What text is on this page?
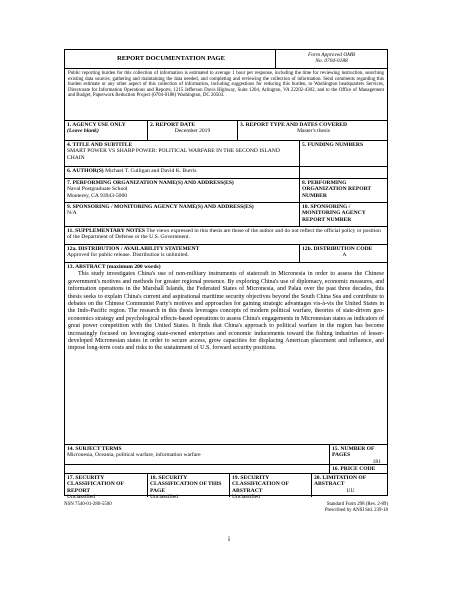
REPORT DOCUMENTATION PAGE	Form Approved OMB
No. 0704-0188
Public reporting burden for this collection of information is estimated to average 1 hour per response, including the time for reviewing instruction, searching existing data sources, gathering and maintaining the data needed, and completing and reviewing the collection of information. Send comments regarding this burden estimate or any other aspect of this collection of information, including suggestions for reducing this burden, to Washington headquarters Services, Directorate for Information Operations and Reports, 1215 Jefferson Davis Highway, Suite 1204, Arlington, VA 22202-4302, and to the Office of Management and Budget, Paperwork Reduction Project (0704-0188) Washington, DC 20503.
1. AGENCY USE ONLY
(Leave blank)
2. REPORT DATE
December 2019
3. REPORT TYPE AND DATES COVERED
Master's thesis
4. TITLE AND SUBTITLE
SMART POWER VS SHARP POWER: POLITICAL WARFARE IN THE SECOND ISLAND CHAIN
5. FUNDING NUMBERS
6. AUTHOR(S) Michael T. Culligan and David K. Burris
7. PERFORMING ORGANIZATION NAME(S) AND ADDRESS(ES)
Naval Postgraduate School
Monterey, CA 93943-5000
8. PERFORMING ORGANIZATION REPORT NUMBER
9. SPONSORING / MONITORING AGENCY NAME(S) AND ADDRESS(ES)
N/A
10. SPONSORING / MONITORING AGENCY REPORT NUMBER
11. SUPPLEMENTARY NOTES The views expressed in this thesis are those of the author and do not reflect the official policy or position of the Department of Defense or the U.S. Government.
12a. DISTRIBUTION / AVAILABILITY STATEMENT
Approved for public release. Distribution is unlimited.
12b. DISTRIBUTION CODE
A
13. ABSTRACT (maximum 200 words)
This study investigates China's use of non-military instruments of statecraft in Micronesia in order to assess the Chinese government's motives and methods for greater regional presence. By exploring China's use of diplomacy, economic measures, and information operations in the Marshall Islands, the Federated States of Micronesia, and Palau over the past three decades, this thesis seeks to explain China's current and aspirational maritime security objectives beyond the South China Sea and contribute to debates on the Chinese Communist Party's motives and approaches for gaining strategic advantages vis-à-vis the United States in the Indo-Pacific region. The research in this thesis leverages concepts of modern political warfare, theories of state-driven geo-economics strategy and psychological effects-based operations to assess China's engagements in Micronesian states as indicators of great power competition with the United States. It finds that China's approach to political warfare in the region has become increasingly focused on leveraging state-owned enterprises and economic inducements toward the fishing industries of lesser-developed Micronesian states in order to secure access, grow capacities for displacing American placement and influence, and impose long-term costs and risks to the sustainment of U.S. forward security positions.
14. SUBJECT TERMS
Micronesia, Oceania, political warfare, information warfare
15. NUMBER OF PAGES
181
16. PRICE CODE
17. SECURITY CLASSIFICATION OF REPORT
Unclassified
18. SECURITY CLASSIFICATION OF THIS PAGE
Unclassified
19. SECURITY CLASSIFICATION OF ABSTRACT
Unclassified
20. LIMITATION OF ABSTRACT
UU
NSN 7540-01-280-5500	Standard Form 298 (Rev. 2-89)
Prescribed by ANSI Std. 239-18
i
